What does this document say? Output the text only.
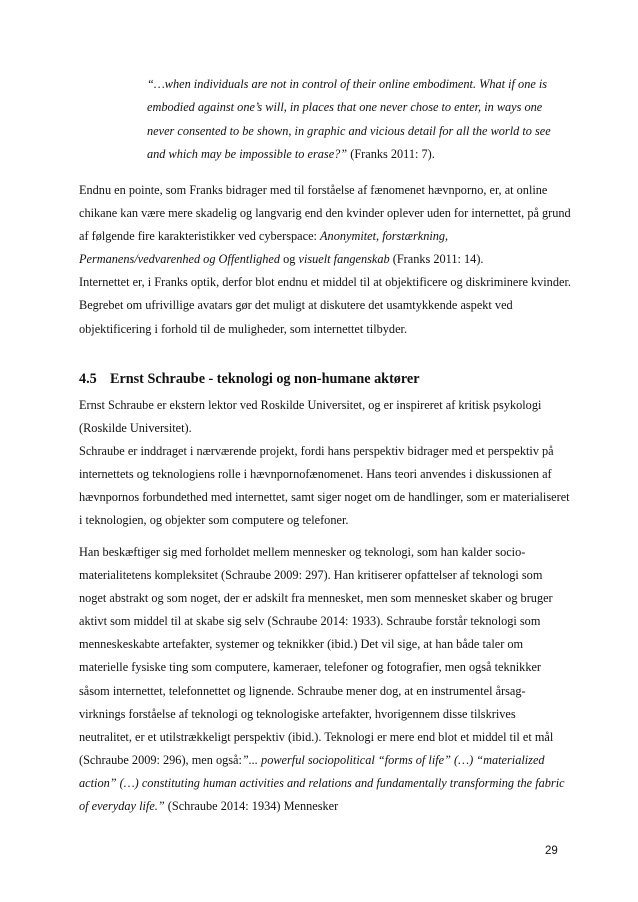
“…when individuals are not in control of their online embodiment. What if one is embodied against one’s will, in places that one never chose to enter, in ways one never consented to be shown, in graphic and vicious detail for all the world to see and which may be impossible to erase?” (Franks 2011: 7).

Endnu en pointe, som Franks bidrager med til forståelse af fænomenet hævnporno, er, at online chikane kan være mere skadelig og langvarig end den kvinder oplever uden for internettet, på grund af følgende fire karakteristikker ved cyberspace: Anonymitet, forstærkning, Permanens/vedvarenhed og Offentlighed og visuelt fangenskab (Franks 2011: 14).

Internettet er, i Franks optik, derfor blot endnu et middel til at objektificere og diskriminere kvinder. Begrebet om ufrivillige avatars gør det muligt at diskutere det usamtykkende aspekt ved objektificering i forhold til de muligheder, som internettet tilbyder.

4.5 Ernst Schraube - teknologi og non-humane aktører

Ernst Schraube er ekstern lektor ved Roskilde Universitet, og er inspireret af kritisk psykologi (Roskilde Universitet).

Schraube er inddraget i nærværende projekt, fordi hans perspektiv bidrager med et perspektiv på internettets og teknologiens rolle i hævnpornofænomenet. Hans teori anvendes i diskussionen af hævnpornos forbundethed med internettet, samt siger noget om de handlinger, som er materialiseret i teknologien, og objekter som computere og telefoner.

Han beskæftiger sig med forholdet mellem mennesker og teknologi, som han kalder socio-materialitetens kompleksitet (Schraube 2009: 297). Han kritiserer opfattelser af teknologi som noget abstrakt og som noget, der er adskilt fra mennesket, men som mennesket skaber og bruger aktivt som middel til at skabe sig selv (Schraube 2014: 1933). Schraube forstår teknologi som menneskeskabte artefakter, systemer og teknikker (ibid.) Det vil sige, at han både taler om materielle fysiske ting som computere, kameraer, telefoner og fotografier, men også teknikker såsom internettet, telefonnettet og lignende. Schraube mener dog, at en instrumentel årsag-virknings forståelse af teknologi og teknologiske artefakter, hvorigennem disse tilskrives neutralitet, er et utilstrækkeligt perspektiv (ibid.). Teknologi er mere end blot et middel til et mål (Schraube 2009: 296), men også:”... powerful sociopolitical “forms of life” (…) “materialized action” (…) constituting human activities and relations and fundamentally transforming the fabric of everyday life.” (Schraube 2014: 1934) Mennesker

29
